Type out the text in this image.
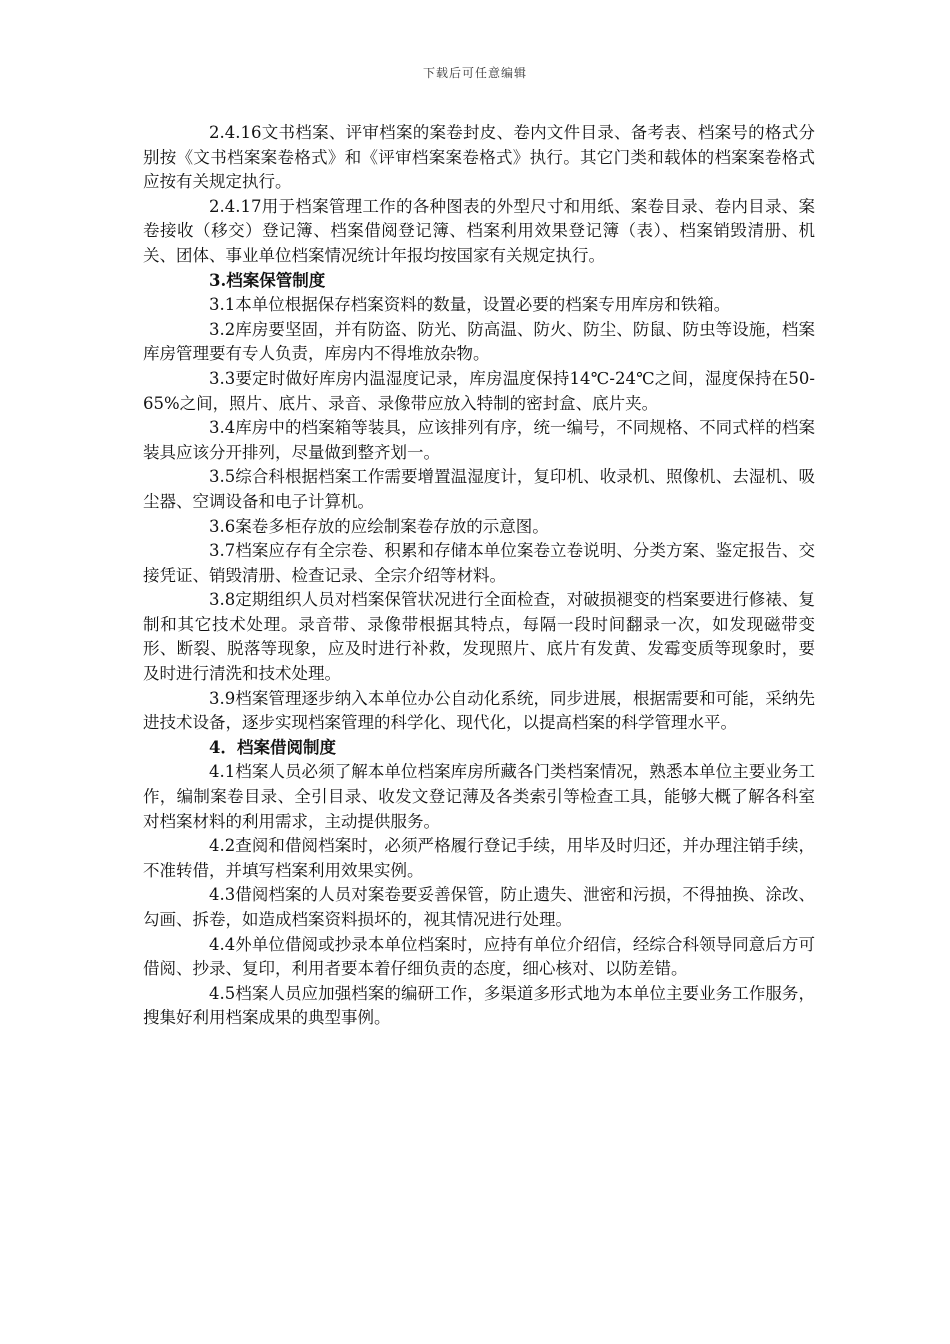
下载后可任意编辑

2.4.16文书档案、评审档案的案卷封皮、卷内文件目录、备考表、档案号的格式分别按《文书档案案卷格式》和《评审档案案卷格式》执行。其它门类和载体的档案案卷格式应按有关规定执行。

2.4.17用于档案管理工作的各种图表的外型尺寸和用纸、案卷目录、卷内目录、案卷接收（移交）登记簿、档案借阅登记簿、档案利用效果登记簿（表）、档案销毁清册、机关、团体、事业单位档案情况统计年报均按国家有关规定执行。

3.档案保管制度

3.1本单位根据保存档案资料的数量，设置必要的档案专用库房和铁箱。

3.2库房要坚固，并有防盗、防光、防高温、防火、防尘、防鼠、防虫等设施，档案库房管理要有专人负责，库房内不得堆放杂物。

3.3要定时做好库房内温湿度记录，库房温度保持14℃-24℃之间，湿度保持在50-65%之间，照片、底片、录音、录像带应放入特制的密封盒、底片夹。

3.4库房中的档案箱等装具，应该排列有序，统一编号，不同规格、不同式样的档案装具应该分开排列，尽量做到整齐划一。

3.5综合科根据档案工作需要增置温湿度计，复印机、收录机、照像机、去湿机、吸尘器、空调设备和电子计算机。

3.6案卷多柜存放的应绘制案卷存放的示意图。

3.7档案应存有全宗卷、积累和存储本单位案卷立卷说明、分类方案、鉴定报告、交接凭证、销毁清册、检查记录、全宗介绍等材料。

3.8定期组织人员对档案保管状况进行全面检查，对破损褪变的档案要进行修裱、复制和其它技术处理。录音带、录像带根据其特点，每隔一段时间翻录一次，如发现磁带变形、断裂、脱落等现象，应及时进行补救，发现照片、底片有发黄、发霉变质等现象时，要及时进行清洗和技术处理。

3.9档案管理逐步纳入本单位办公自动化系统，同步进展，根据需要和可能，采纳先进技术设备，逐步实现档案管理的科学化、现代化，以提高档案的科学管理水平。

4．档案借阅制度

4.1档案人员必须了解本单位档案库房所藏各门类档案情况，熟悉本单位主要业务工作，编制案卷目录、全引目录、收发文登记薄及各类索引等检查工具，能够大概了解各科室对档案材料的利用需求，主动提供服务。

4.2查阅和借阅档案时，必须严格履行登记手续，用毕及时归还，并办理注销手续，不准转借，并填写档案利用效果实例。

4.3借阅档案的人员对案卷要妥善保管，防止遗失、泄密和污损，不得抽换、涂改、勾画、拆卷，如造成档案资料损坏的，视其情况进行处理。

4.4外单位借阅或抄录本单位档案时，应持有单位介绍信，经综合科领导同意后方可借阅、抄录、复印，利用者要本着仔细负责的态度，细心核对、以防差错。

4.5档案人员应加强档案的编研工作，多渠道多形式地为本单位主要业务工作服务，搜集好利用档案成果的典型事例。
